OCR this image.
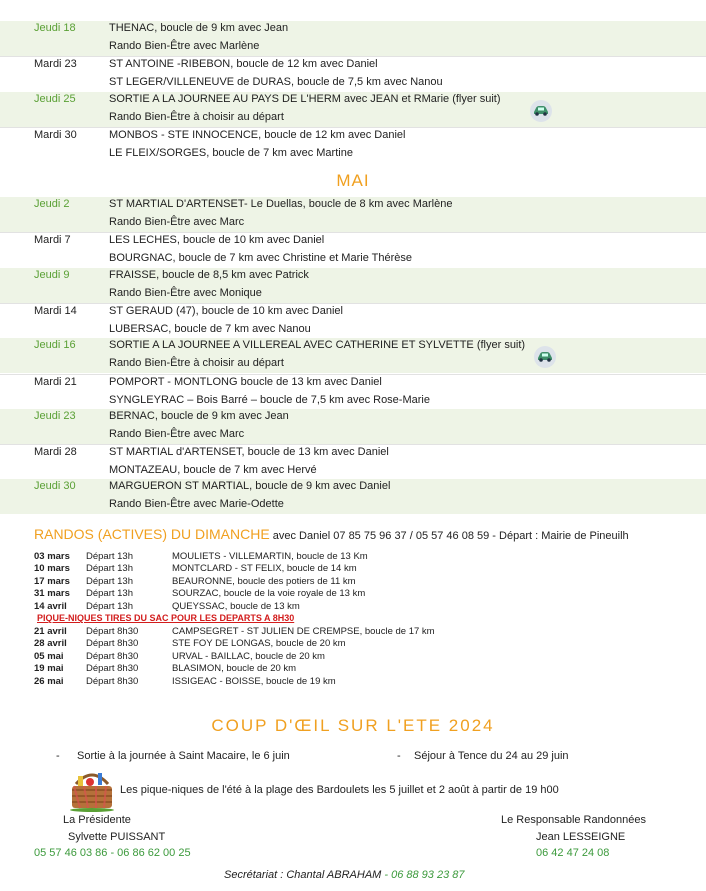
Jeudi 18	THENAC, boucle de 9 km avec Jean
Rando Bien-Être avec Marlène
Mardi 23	ST ANTOINE -RIBEBON, boucle de 12 km avec Daniel
ST LEGER/VILLENEUVE de DURAS, boucle de 7,5 km avec Nanou
Jeudi 25	SORTIE A LA JOURNEE AU PAYS DE L'HERM avec JEAN et RMarie (flyer suit)
Rando Bien-Être à choisir au départ
Mardi 30	MONBOS - STE INNOCENCE, boucle de 12 km avec Daniel
LE FLEIX/SORGES, boucle de 7 km avec Martine
MAI
Jeudi 2	ST MARTIAL D'ARTENSET- Le Duellas, boucle de 8 km avec Marlène
Rando Bien-Être avec Marc
Mardi 7	LES LECHES, boucle de 10 km avec Daniel
BOURGNAC, boucle de 7 km avec Christine et Marie Thérèse
Jeudi 9	FRAISSE, boucle de 8,5 km avec Patrick
Rando Bien-Être avec Monique
Mardi 14	ST GERAUD (47), boucle de 10 km avec Daniel
LUBERSAC, boucle de 7 km avec Nanou
Jeudi 16	SORTIE A LA JOURNEE A VILLEREAL AVEC CATHERINE ET SYLVETTE (flyer suit)
Rando Bien-Être à choisir au départ
Mardi 21	POMPORT - MONTLONG boucle de 13 km avec Daniel
SYNGLEYRAC – Bois Barré – boucle de 7,5 km avec Rose-Marie
Jeudi 23	BERNAC, boucle de 9 km avec Jean
Rando Bien-Être avec Marc
Mardi 28	ST MARTIAL d'ARTENSET, boucle de 13 km avec Daniel
MONTAZEAU, boucle de 7 km avec Hervé
Jeudi 30	MARGUERON ST MARTIAL, boucle de 9 km avec Daniel
Rando Bien-Être avec Marie-Odette
RANDOS (ACTIVES) DU DIMANCHE avec Daniel 07 85 75 96 37 / 05 57 46 08 59 - Départ : Mairie de Pineuilh
03 mars Départ 13h	MOULIETS - VILLEMARTIN, boucle de 13 Km
10 mars Départ 13h	MONTCLARD - ST FELIX, boucle de 14 km
17 mars Départ 13h	BEAURONNE, boucle des potiers de 11 km
31 mars Départ 13h	SOURZAC, boucle de la voie royale de 13 km
14 avril Départ 13h	QUEYSSAC, boucle de 13 km
PIQUE-NIQUES TIRES DU SAC POUR LES DEPARTS A 8H30
21 avril Départ 8h30	CAMPSEGRET - ST JULIEN DE CREMPSE, boucle de 17 km
28 avril Départ 8h30	STE FOY DE LONGAS, boucle de 20 km
05 mai Départ 8h30	URVAL - BAILLAC, boucle de 20 km
19 mai Départ 8h30	BLASIMON, boucle de 20 km
26 mai Départ 8h30	ISSIGEAC - BOISSE, boucle de 19 km
COUP D'ŒIL SUR L'ETE 2024
- Sortie à la journée à Saint Macaire, le 6 juin	- Séjour à Tence du 24 au 29 juin
Les pique-niques de l'été à la plage des Bardoulets les 5 juillet et 2 août à partir de 19 h00
La Présidente
Sylvette PUISSANT
05 57 46 03 86 - 06 86 62 00 25
Le Responsable Randonnées
Jean LESSEIGNE
06 42 47 24 08
Secrétariat : Chantal ABRAHAM - 06 88 93 23 87
